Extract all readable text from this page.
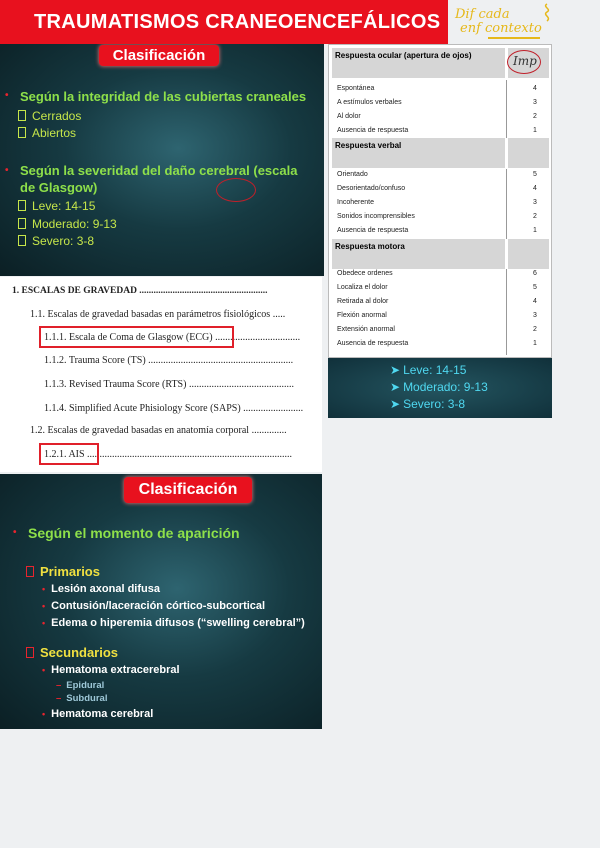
TRAUMATISMOS CRANEOENCEFÁLICOS Dif cada
enf contexto
Clasificación
• Según la integridad de las cubiertas craneales
Cerrados
Abiertos
• Según la severidad del daño cerebral (escala
de Glasgow)
Leve: 14-15
Moderado: 9-13
Severo: 3-8
1. ESCALAS DE GRAVEDAD ......................................................
1.1. Escalas de gravedad basadas en parámetros fisiológicos .....
1.1.1. Escala de Coma de Glasgow (ECG) ..................................
1.1.2. Trauma Score (TS) ..........................................................
1.1.3. Revised Trauma Score (RTS) ..........................................
1.1.4. Simplified Acute Phisiology Score (SAPS) ........................
1.2. Escalas de gravedad basadas en anatomía corporal ..............
1.2.1. AIS ..................................................................................
Respuesta ocular (apertura de ojos)	Imp
Espontánea	4
A estímulos verbales	3
Al dolor	2
Ausencia de respuesta	1
Respuesta verbal
Orientado	5
Desorientado/confuso	4
Incoherente	3
Sonidos incomprensibles	2
Ausencia de respuesta	1
Respuesta motora
Obedece ordenes	6
Localiza el dolor	5
Retirada al dolor	4
Flexión anormal	3
Extensión anormal	2
Ausencia de respuesta	1
➤ Leve: 14-15
➤ Moderado: 9-13
➤ Severo: 3-8
Clasificación
• Según el momento de aparición
Primarios
• Lesión axonal difusa
• Contusión/laceración córtico-subcortical
• Edema o hiperemia difusos (“swelling cerebral”)
Secundarios
• Hematoma extracerebral
– Epidural
– Subdural
• Hematoma cerebral
